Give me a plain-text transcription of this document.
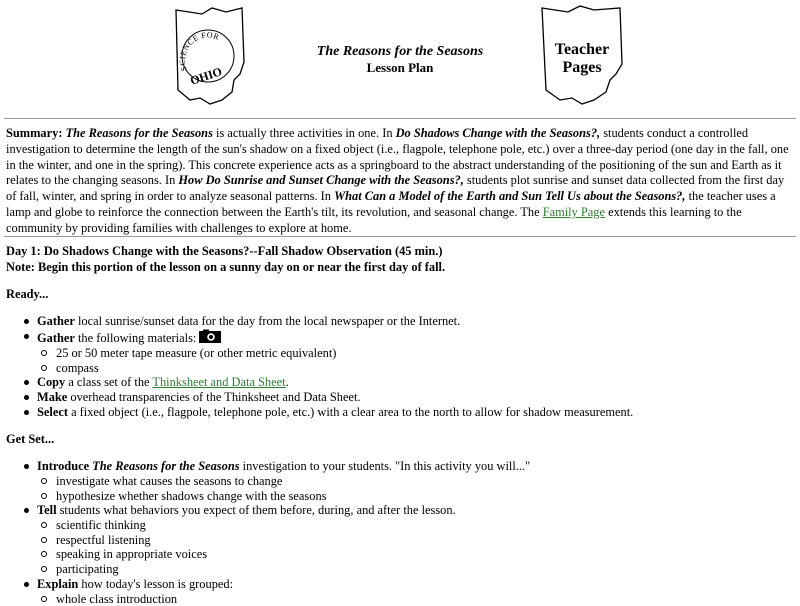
SCIENCE FOR
OHIO
The Reasons for the Seasons
Lesson Plan
Teacher
Pages
Summary: The Reasons for the Seasons is actually three activities in one. In Do Shadows Change with the Seasons?, students conduct a controlled investigation to determine the length of the sun's shadow on a fixed object (i.e., flagpole, telephone pole, etc.) over a three-day period (one day in the fall, one in the winter, and one in the spring). This concrete experience acts as a springboard to the abstract understanding of the positioning of the sun and Earth as it relates to the changing seasons. In How Do Sunrise and Sunset Change with the Seasons?, students plot sunrise and sunset data collected from the first day of fall, winter, and spring in order to analyze seasonal patterns. In What Can a Model of the Earth and Sun Tell Us about the Seasons?, the teacher uses a lamp and globe to reinforce the connection between the Earth's tilt, its revolution, and seasonal change. The Family Page extends this learning to the community by providing families with challenges to explore at home.
Day 1: Do Shadows Change with the Seasons?--Fall Shadow Observation (45 min.)
Note: Begin this portion of the lesson on a sunny day on or near the first day of fall.
Ready...
Gather local sunrise/sunset data for the day from the local newspaper or the Internet.
Gather the following materials:
25 or 50 meter tape measure (or other metric equivalent)
compass
Copy a class set of the Thinksheet and Data Sheet.
Make overhead transparencies of the Thinksheet and Data Sheet.
Select a fixed object (i.e., flagpole, telephone pole, etc.) with a clear area to the north to allow for shadow measurement.
Get Set...
Introduce The Reasons for the Seasons investigation to your students. "In this activity you will..."
investigate what causes the seasons to change
hypothesize whether shadows change with the seasons
Tell students what behaviors you expect of them before, during, and after the lesson.
scientific thinking
respectful listening
speaking in appropriate voices
participating
Explain how today's lesson is grouped:
whole class introduction
